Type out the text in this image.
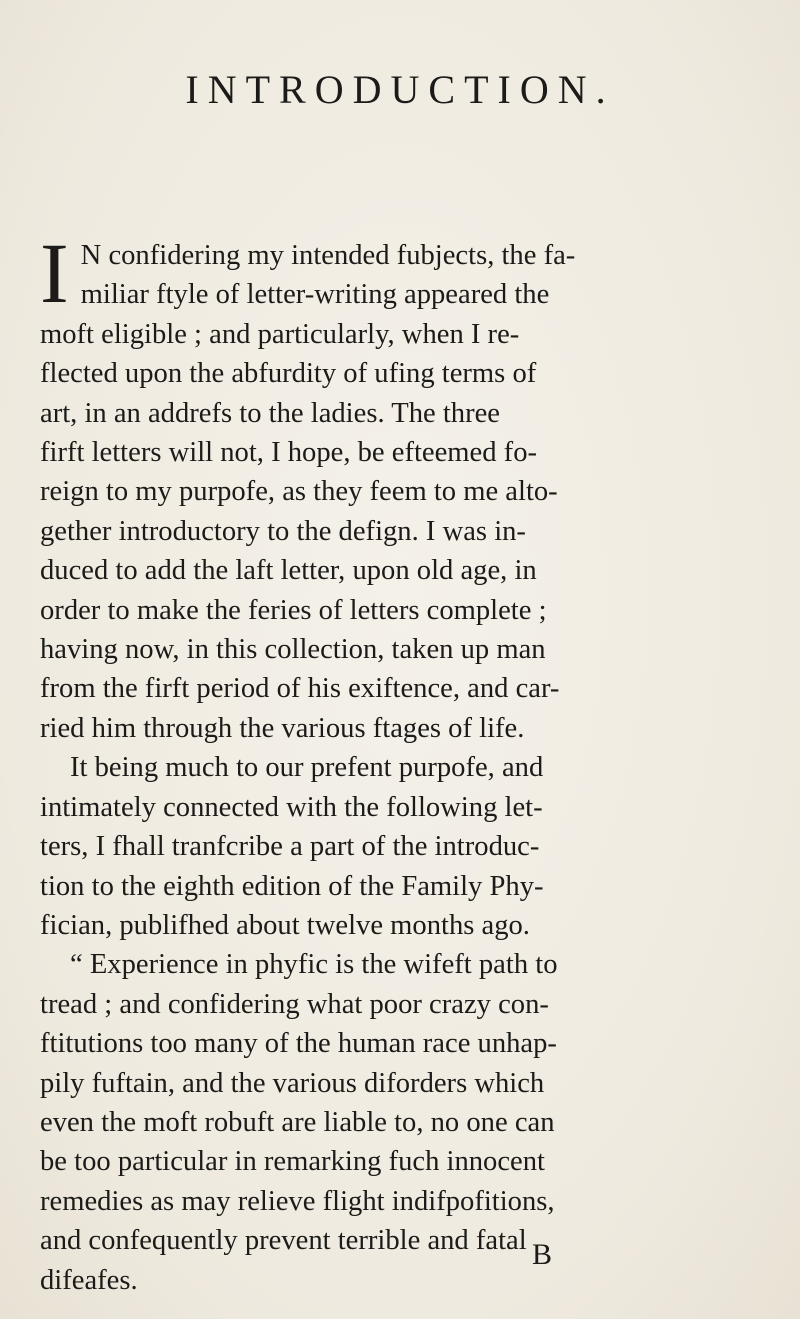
INTRODUCTION.
I N confidering my intended fubjects, the fa-
miliar ftyle of letter-writing appeared the
moft eligible ; and particularly, when I re-
flected upon the abfurdity of ufing terms of
art, in an addrefs to the ladies. The three
firft letters will not, I hope, be efteemed fo-
reign to my purpofe, as they feem to me alto-
gether introductory to the defign. I was in-
duced to add the laft letter, upon old age, in
order to make the feries of letters complete ;
having now, in this collection, taken up man
from the firft period of his exiftence, and car-
ried him through the various ftages of life.
It being much to our prefent purpofe, and
intimately connected with the following let-
ters, I fhall tranfcribe a part of the introduc-
tion to the eighth edition of the Family Phy-
fician, publifhed about twelve months ago.
“ Experience in phyfic is the wifeft path to
tread ; and confidering what poor crazy con-
ftitutions too many of the human race unhap-
pily fuftain, and the various diforders which
even the moft robuft are liable to, no one can
be too particular in remarking fuch innocent
remedies as may relieve flight indifpofitions,
and confequently prevent terrible and fatal
difeafes.
B
